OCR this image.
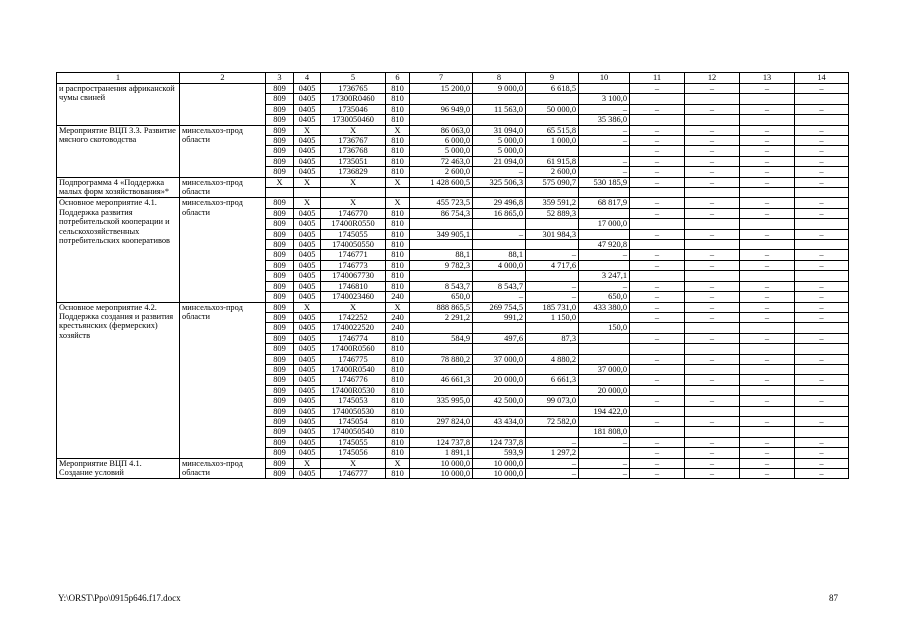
1	2	3	4	5	6	7	8	9	10	11	12	13	14
и распространения африканской чумы свиней		809	0405	1736765	810	15 200,0	9 000,0	6 618,5		–	–	–	–
		809	0405	17300R0460	810				3 100,0				
		809	0405	1735046	810	96 949,0	11 563,0	50 000,0	–	–	–	–	–
		809	0405	1730050460	810				35 386,0				
Мероприятие ВЦП 3.3. Развитие мясного скотоводства	минсельхоз-прод области	809	Х	Х	Х	86 063,0	31 094,0	65 515,8	–	–	–	–	–
		809	0405	1736767	810	6 000,0	5 000,0	1 000,0	–	–	–	–	–
		809	0405	1736768	810	5 000,0	5 000,0			–	–	–	–
		809	0405	1735051	810	72 463,0	21 094,0	61 915,8	–	–	–	–	–
		809	0405	1736829	810	2 600,0	–	2 600,0	–	–	–	–	–
Подпрограмма 4 «Поддержка малых форм хозяйствования»*	минсельхоз-прод области	Х	Х	Х	Х	1 428 600,5	325 506,3	575 090,7	530 185,9	–	–	–	–

Основное мероприятие 4.1. Поддержка развития потребительской кооперации и сельскохозяйственных потребительских кооперативов	минсельхоз-прод области	809	Х	Х	Х	455 723,5	29 496,8	359 591,2	68 817,9	–	–	–	–
		809	0405	1746770	810	86 754,3	16 865,0	52 889,3		–	–	–	–
		809	0405	17400R0550	810				17 000,0				
		809	0405	1745055	810	349 905,1	–	301 984,3		–	–	–	–
		809	0405	1740050550	810				47 920,8				
		809	0405	1746771	810	88,1	88,1	–	–	–	–	–	–
		809	0405	1746773	810	9 782,3	4 000,0	4 717,6		–	–	–	–
		809	0405	1740067730	810				3 247,1				
		809	0405	1746810	810	8 543,7	8 543,7	–	–	–	–	–	–
		809	0405	1740023460	240	650,0	–	–	650,0	–	–	–	–
Основное мероприятие 4.2. Поддержка создания и развития крестьянских (фермерских) хозяйств	минсельхоз-прод области	809	Х	Х	Х	888 865,5	269 754,5	185 731,0	433 380,0	–	–	–	–
		809	0405	1742252	240	2 291,2	991,2	1 150,0		–	–	–	–
		809	0405	1740022520	240				150,0				
		809	0405	1746774	810	584,9	497,6	87,3		–	–	–	–
		809	0405	17400R0560	810								
		809	0405	1746775	810	78 880,2	37 000,0	4 880,2		–	–	–	–
		809	0405	17400R0540	810				37 000,0				
		809	0405	1746776	810	46 661,3	20 000,0	6 661,3		–	–	–	–
		809	0405	17400R0530	810				20 000,0				
		809	0405	1745053	810	335 995,0	42 500,0	99 073,0		–	–	–	–
		809	0405	1740050530	810				194 422,0				
		809	0405	1745054	810	297 824,0	43 434,0	72 582,0		–	–	–	–
		809	0405	1740050540	810				181 808,0				
		809	0405	1745055	810	124 737,8	124 737,8	–	–	–	–	–	–
		809	0405	1745056	810	1 891,1	593,9	1 297,2		–	–	–	–
Мероприятие ВЦП 4.1. Создание условий	минсельхоз-прод области	809	Х	Х	Х	10 000,0	10 000,0	–	–	–	–	–	–
		809	0405	1746777	810	10 000,0	10 000,0	–	–	–	–	–	–
Y:\ORST\Ppo\0915p646.f17.docx	87
